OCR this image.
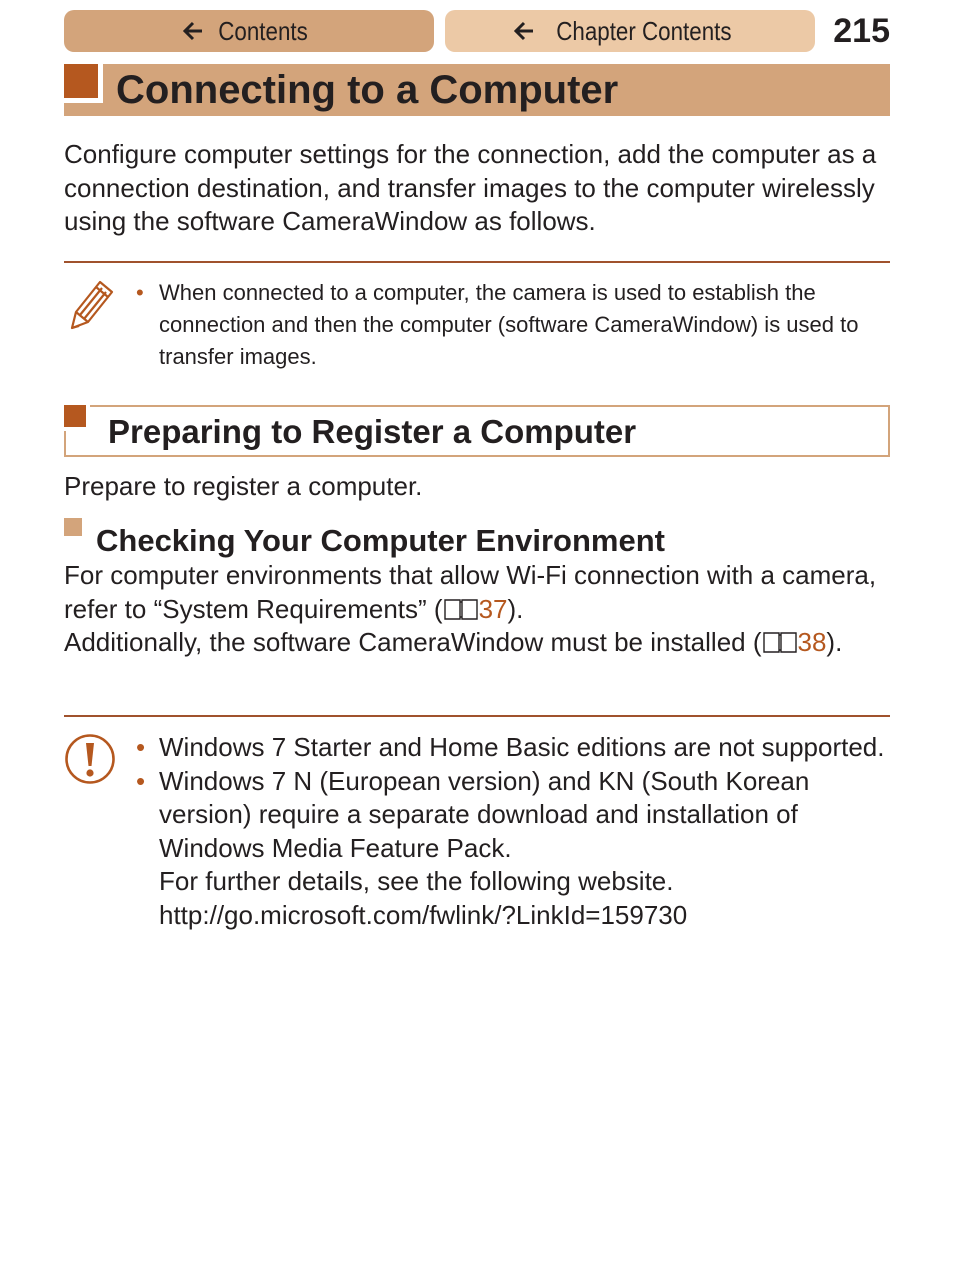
Contents	Chapter Contents	215
Connecting to a Computer

Configure computer settings for the connection, add the computer as a connection destination, and transfer images to the computer wirelessly using the software CameraWindow as follows.

• When connected to a computer, the camera is used to establish the connection and then the computer (software CameraWindow) is used to transfer images.
Preparing to Register a Computer

Prepare to register a computer.

Checking Your Computer Environment

For computer environments that allow Wi-Fi connection with a camera, refer to “System Requirements” ( 37).
Additionally, the software CameraWindow must be installed ( 38).

• Windows 7 Starter and Home Basic editions are not supported.
• Windows 7 N (European version) and KN (South Korean version) require a separate download and installation of Windows Media Feature Pack.
For further details, see the following website.
http://go.microsoft.com/fwlink/?LinkId=159730
